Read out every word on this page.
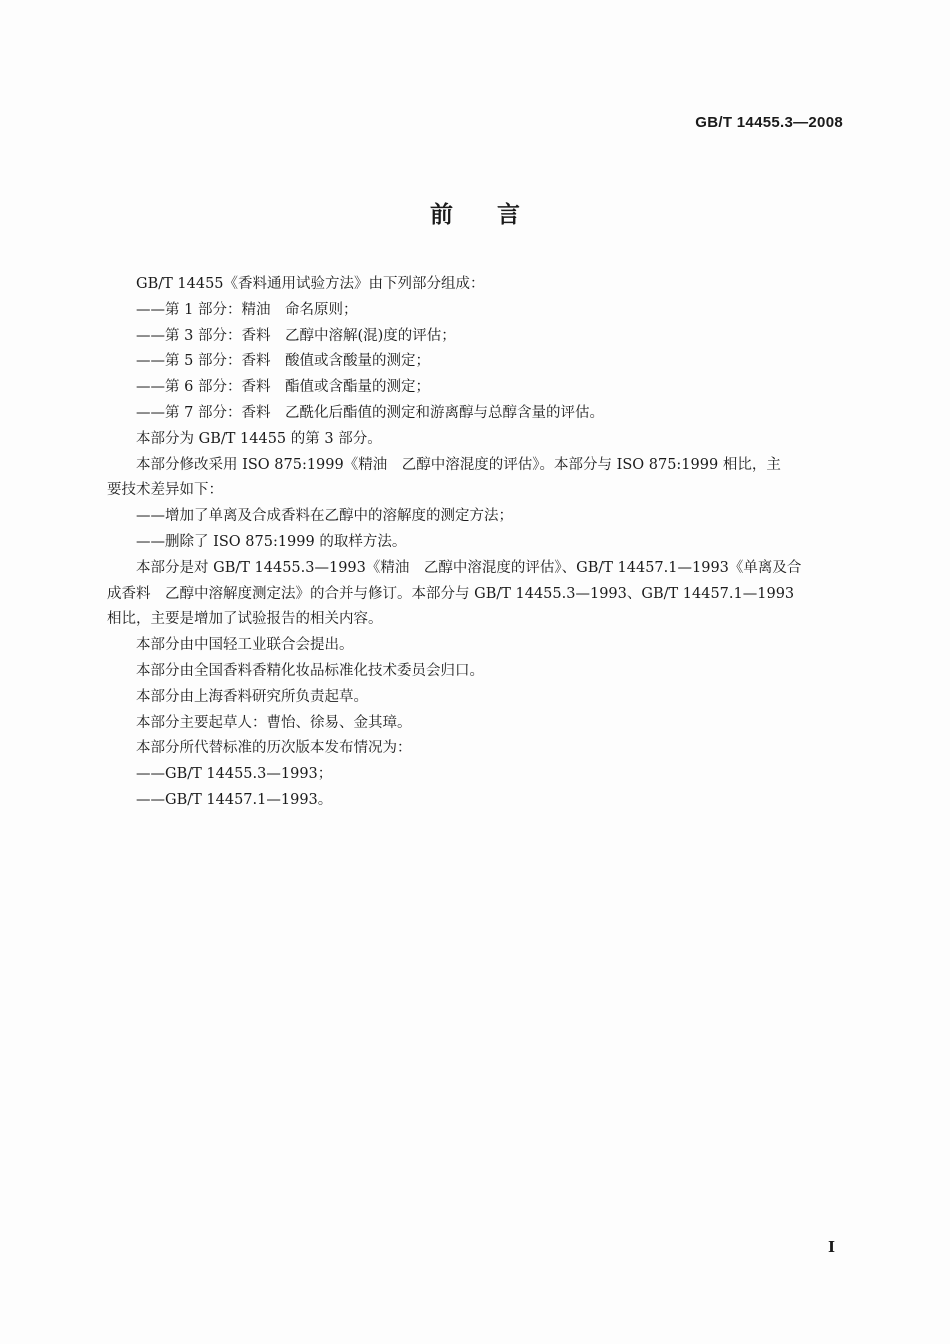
GB/T 14455.3—2008
前言

GB/T 14455《香料通用试验方法》由下列部分组成：

——第 1 部分：精油　命名原则；

——第 3 部分：香料　乙醇中溶解(混)度的评估；

——第 5 部分：香料　酸值或含酸量的测定；

——第 6 部分：香料　酯值或含酯量的测定；

——第 7 部分：香料　乙酰化后酯值的测定和游离醇与总醇含量的评估。

本部分为 GB/T 14455 的第 3 部分。

本部分修改采用 ISO 875:1999《精油　乙醇中溶混度的评估》。本部分与 ISO 875:1999 相比，主

要技术差异如下：

——增加了单离及合成香料在乙醇中的溶解度的测定方法；

——删除了 ISO 875:1999 的取样方法。

本部分是对 GB/T 14455.3—1993《精油　乙醇中溶混度的评估》、GB/T 14457.1—1993《单离及合

成香料　乙醇中溶解度测定法》的合并与修订。本部分与 GB/T 14455.3—1993、GB/T 14457.1—1993

相比，主要是增加了试验报告的相关内容。

本部分由中国轻工业联合会提出。

本部分由全国香料香精化妆品标准化技术委员会归口。

本部分由上海香料研究所负责起草。

本部分主要起草人：曹怡、徐易、金其璋。

本部分所代替标准的历次版本发布情况为：

——GB/T 14455.3—1993；

——GB/T 14457.1—1993。

I
